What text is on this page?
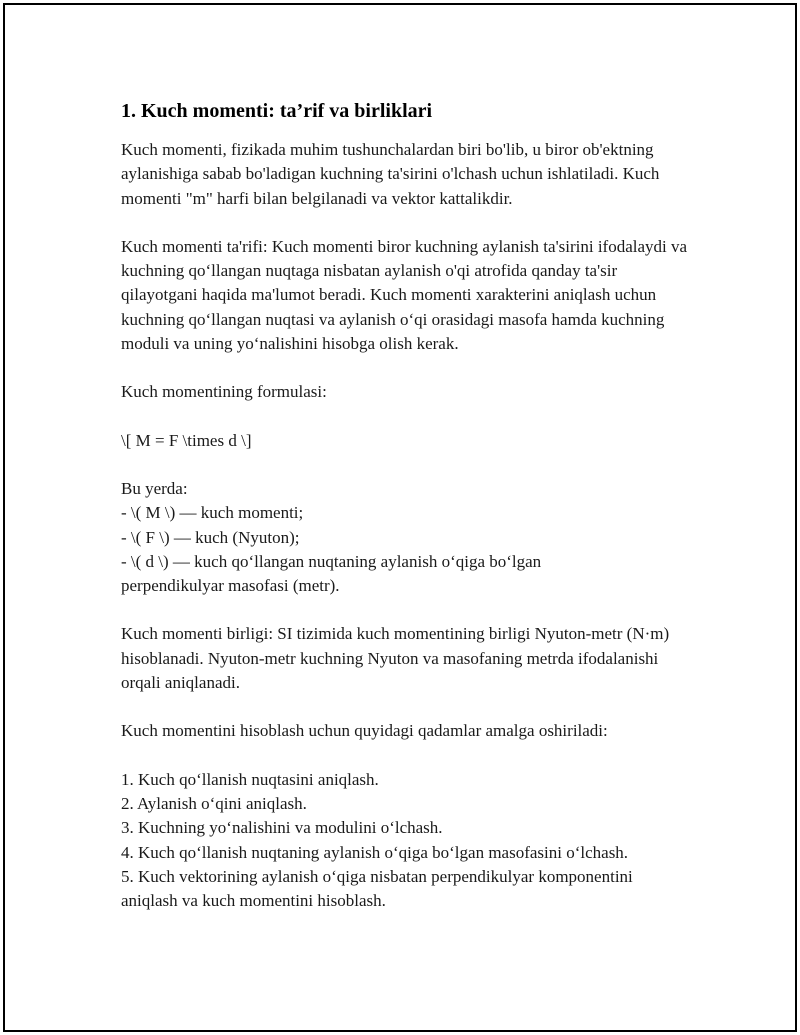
1. Kuch momenti: ta’rif va birliklari

Kuch momenti, fizikada muhim tushunchalardan biri bo'lib, u biror ob'ektning aylanishiga sabab bo'ladigan kuchning ta'sirini o'lchash uchun ishlatiladi. Kuch momenti "m" harfi bilan belgilanadi va vektor kattalikdir.

Kuch momenti ta'rifi: Kuch momenti biror kuchning aylanish ta'sirini ifodalaydi va kuchning qo‘llangan nuqtaga nisbatan aylanish o'qi atrofida qanday ta'sir qilayotgani haqida ma'lumot beradi. Kuch momenti xarakterini aniqlash uchun kuchning qo‘llangan nuqtasi va aylanish o‘qi orasidagi masofa hamda kuchning moduli va uning yo‘nalishini hisobga olish kerak.

Kuch momentining formulasi:

\[ M = F \times d \]

Bu yerda:
- \( M \) — kuch momenti;
- \( F \) — kuch (Nyuton);
- \( d \) — kuch qo‘llangan nuqtaning aylanish o‘qiga bo‘lgan
perpendikulyar masofasi (metr).

Kuch momenti birligi: SI tizimida kuch momentining birligi Nyuton-metr (N·m) hisoblanadi. Nyuton-metr kuchning Nyuton va masofaning metrda ifodalanishi orqali aniqlanadi.

Kuch momentini hisoblash uchun quyidagi qadamlar amalga oshiriladi:

1. Kuch qo‘llanish nuqtasini aniqlash.
2. Aylanish o‘qini aniqlash.
3. Kuchning yo‘nalishini va modulini o‘lchash.
4. Kuch qo‘llanish nuqtaning aylanish o‘qiga bo‘lgan masofasini o‘lchash.
5. Kuch vektorining aylanish o‘qiga nisbatan perpendikulyar komponentini
aniqlash va kuch momentini hisoblash.
